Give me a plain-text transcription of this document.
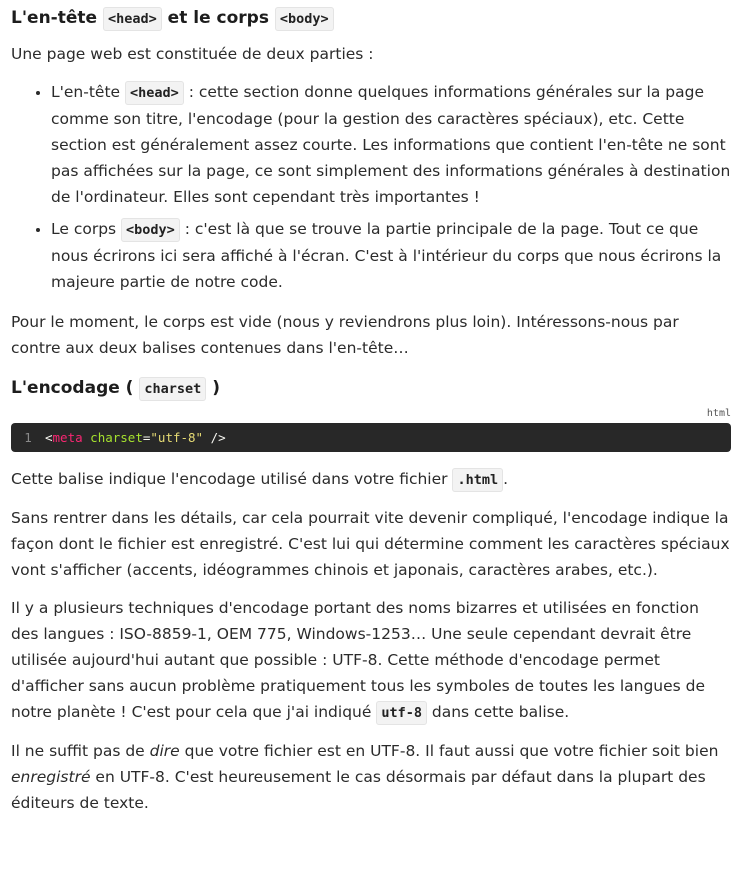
L'en-tête <head> et le corps <body>

Une page web est constituée de deux parties :

• L'en-tête <head> : cette section donne quelques informations générales sur la page comme son titre, l'encodage (pour la gestion des caractères spéciaux), etc. Cette section est généralement assez courte. Les informations que contient l'en-tête ne sont pas affichées sur la page, ce sont simplement des informations générales à destination de l'ordinateur. Elles sont cependant très importantes !
• Le corps <body> : c'est là que se trouve la partie principale de la page. Tout ce que nous écrirons ici sera affiché à l'écran. C'est à l'intérieur du corps que nous écrirons la majeure partie de notre code.

Pour le moment, le corps est vide (nous y reviendrons plus loin). Intéressons-nous par contre aux deux balises contenues dans l'en-tête…

L'encodage ( charset )
html
1	<meta charset="utf-8" />

Cette balise indique l'encodage utilisé dans votre fichier .html .

Sans rentrer dans les détails, car cela pourrait vite devenir compliqué, l'encodage indique la façon dont le fichier est enregistré. C'est lui qui détermine comment les caractères spéciaux vont s'afficher (accents, idéogrammes chinois et japonais, caractères arabes, etc.).

Il y a plusieurs techniques d'encodage portant des noms bizarres et utilisées en fonction des langues : ISO-8859-1, OEM 775, Windows-1253… Une seule cependant devrait être utilisée aujourd'hui autant que possible : UTF-8. Cette méthode d'encodage permet d'afficher sans aucun problème pratiquement tous les symboles de toutes les langues de notre planète ! C'est pour cela que j'ai indiqué utf-8 dans cette balise.

Il ne suffit pas de dire que votre fichier est en UTF-8. Il faut aussi que votre fichier soit bien enregistré en UTF-8. C'est heureusement le cas désormais par défaut dans la plupart des éditeurs de texte.
